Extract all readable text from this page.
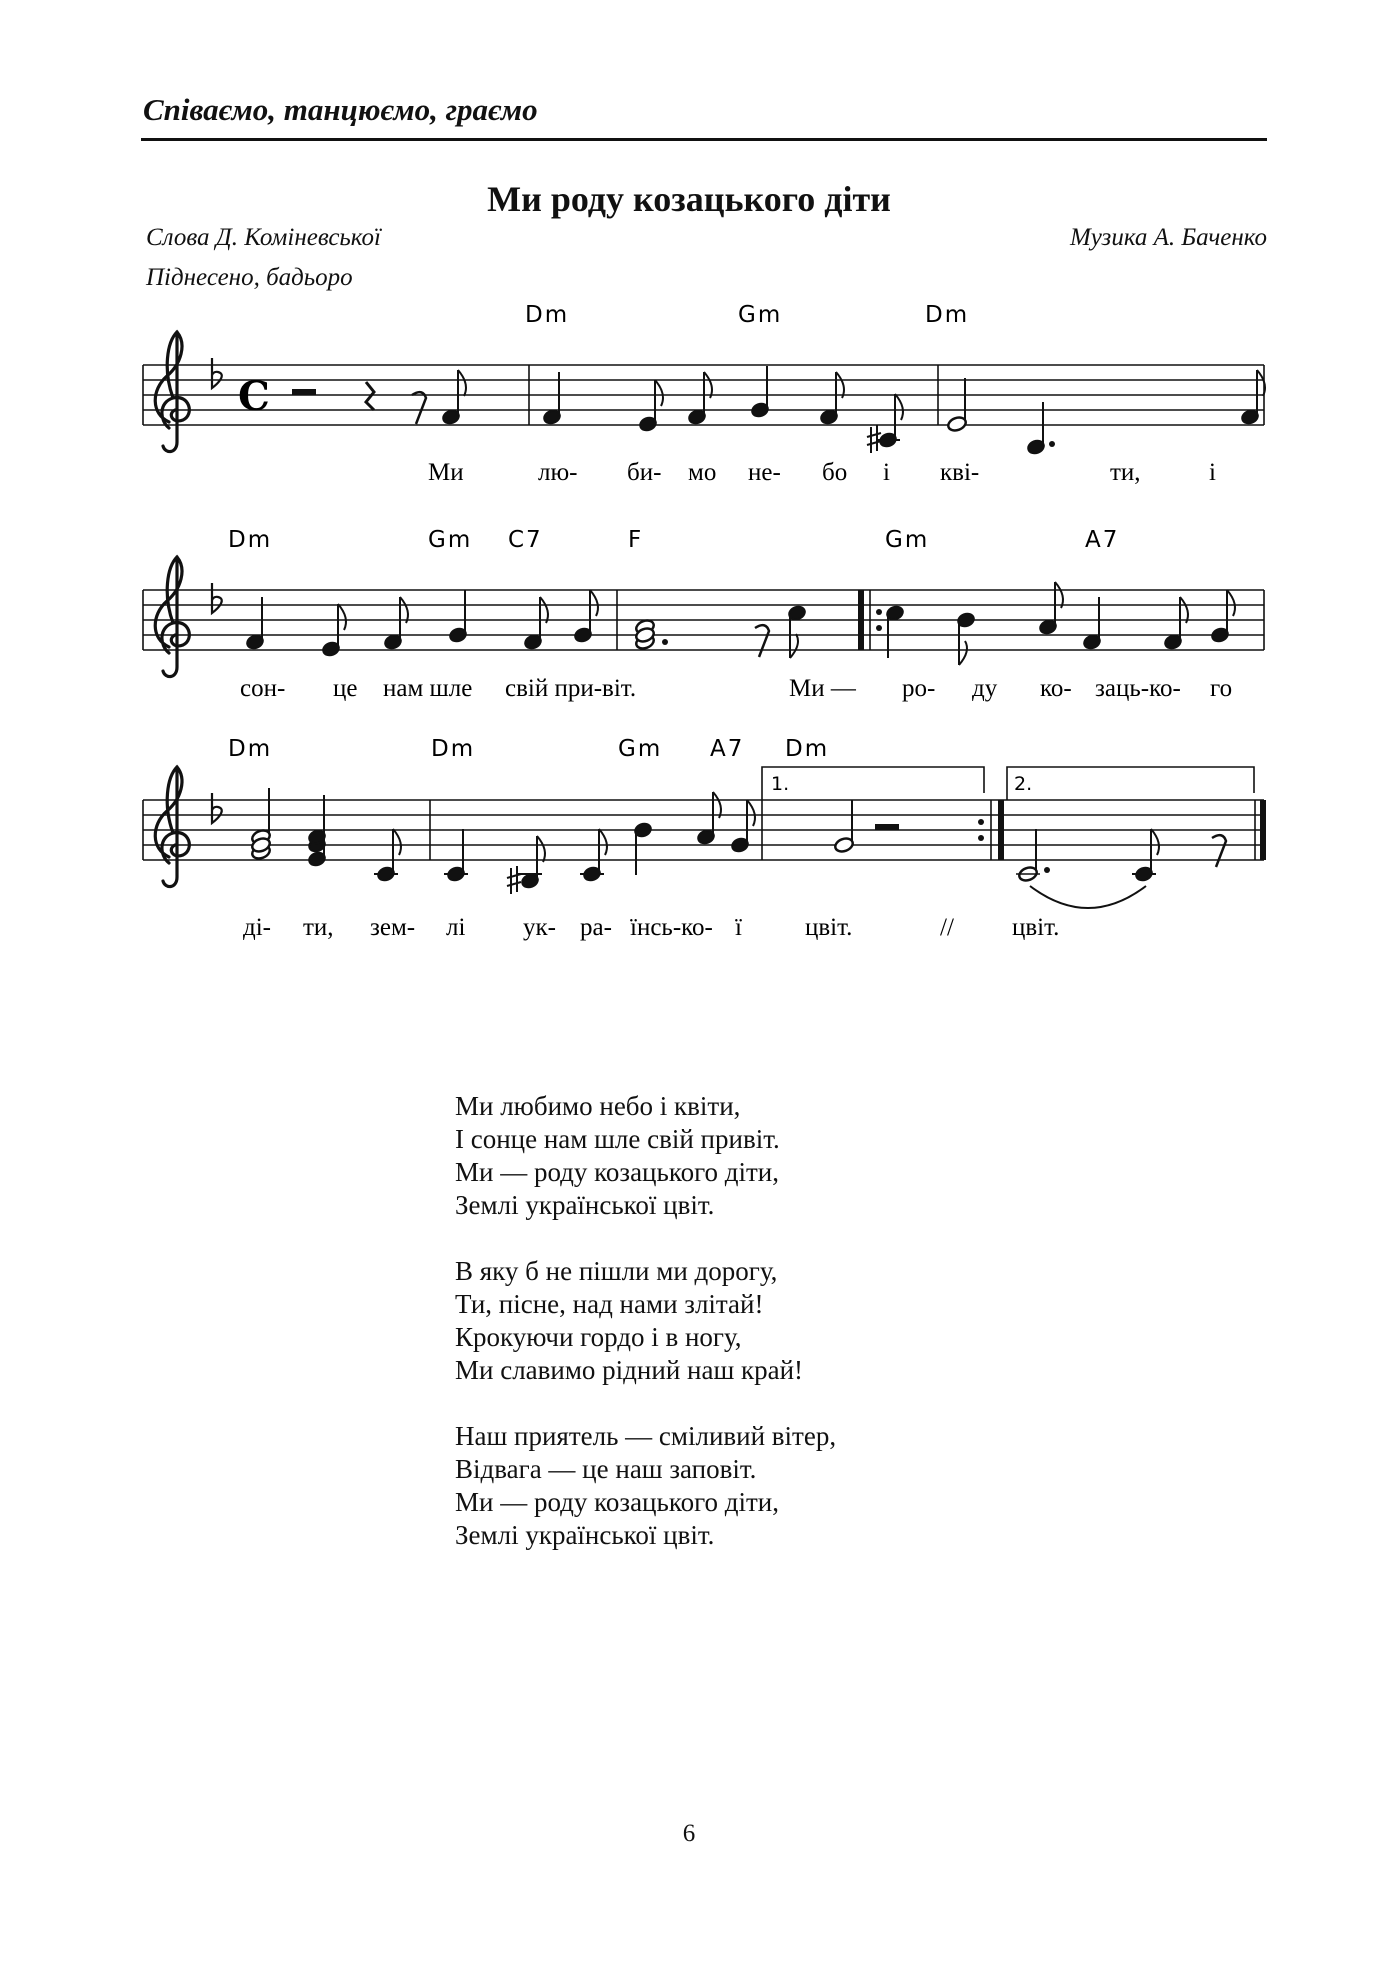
Співаємо, танцюємо, граємо
Ми роду козацького діти
Слова Д. Коміневської	Музика А. Баченко
Піднесено, бадьоро
C
Dm	Gm	Dm
Ми	лю- би- мо не- бо і кві-	ти,	і
Dm	Gm C7	F	Gm	A7
сон- це нам шле свій при-віт.	Ми — ро- ду ко- заць-ко- го
1.	2.
Dm	Dm	Gm A7 Dm
ді- ти, зем- лі ук- ра- їнсь-ко- ї	цвіт.	// цвіт.
Ми любимо небо і квіти,
І сонце нам шле свій привіт.
Ми — роду козацького діти,
Землі української цвіт.
В яку б не пішли ми дорогу,
Ти, пісне, над нами злітай!
Крокуючи гордо і в ногу,
Ми славимо рідний наш край!
Наш приятель — сміливий вітер,
Відвага — це наш заповіт.
Ми — роду козацького діти,
Землі української цвіт.
6
